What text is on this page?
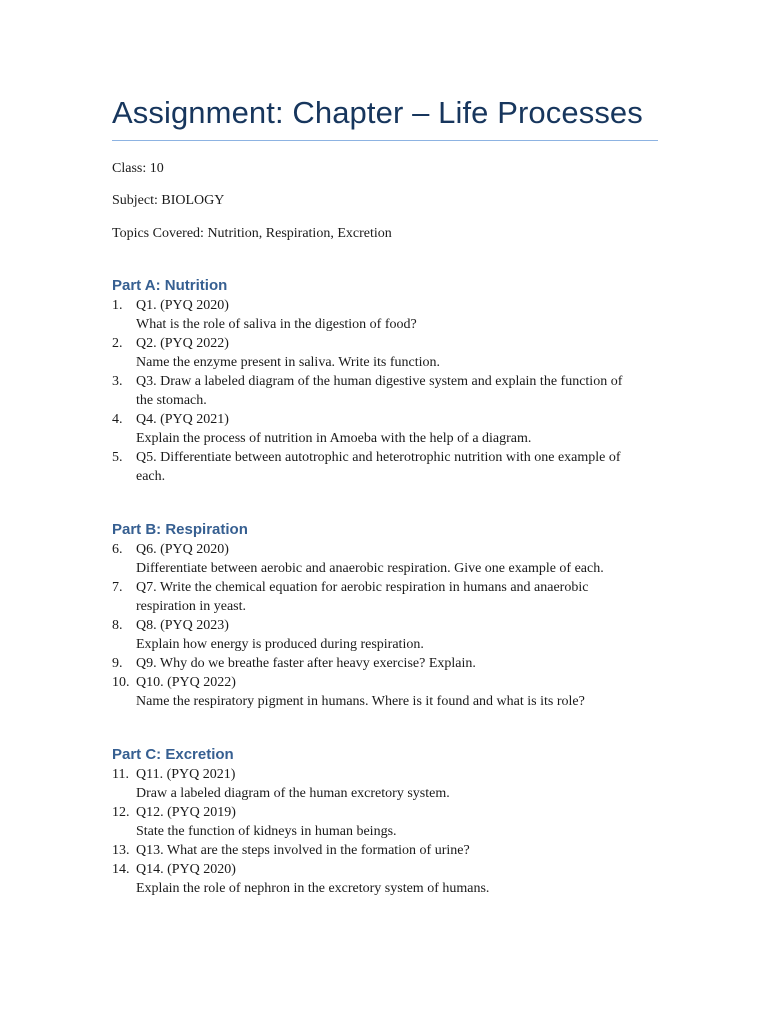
Assignment: Chapter – Life Processes

Class: 10

Subject: BIOLOGY

Topics Covered: Nutrition, Respiration, Excretion

Part A: Nutrition
1. Q1. (PYQ 2020)
What is the role of saliva in the digestion of food?
2. Q2. (PYQ 2022)
Name the enzyme present in saliva. Write its function.
3. Q3. Draw a labeled diagram of the human digestive system and explain the function of
the stomach.
4. Q4. (PYQ 2021)
Explain the process of nutrition in Amoeba with the help of a diagram.
5. Q5. Differentiate between autotrophic and heterotrophic nutrition with one example of
each.
Part B: Respiration
6. Q6. (PYQ 2020)
Differentiate between aerobic and anaerobic respiration. Give one example of each.
7. Q7. Write the chemical equation for aerobic respiration in humans and anaerobic
respiration in yeast.
8. Q8. (PYQ 2023)
Explain how energy is produced during respiration.
9. Q9. Why do we breathe faster after heavy exercise? Explain.
10. Q10. (PYQ 2022)
Name the respiratory pigment in humans. Where is it found and what is its role?
Part C: Excretion
11. Q11. (PYQ 2021)
Draw a labeled diagram of the human excretory system.
12. Q12. (PYQ 2019)
State the function of kidneys in human beings.
13. Q13. What are the steps involved in the formation of urine?
14. Q14. (PYQ 2020)
Explain the role of nephron in the excretory system of humans.
